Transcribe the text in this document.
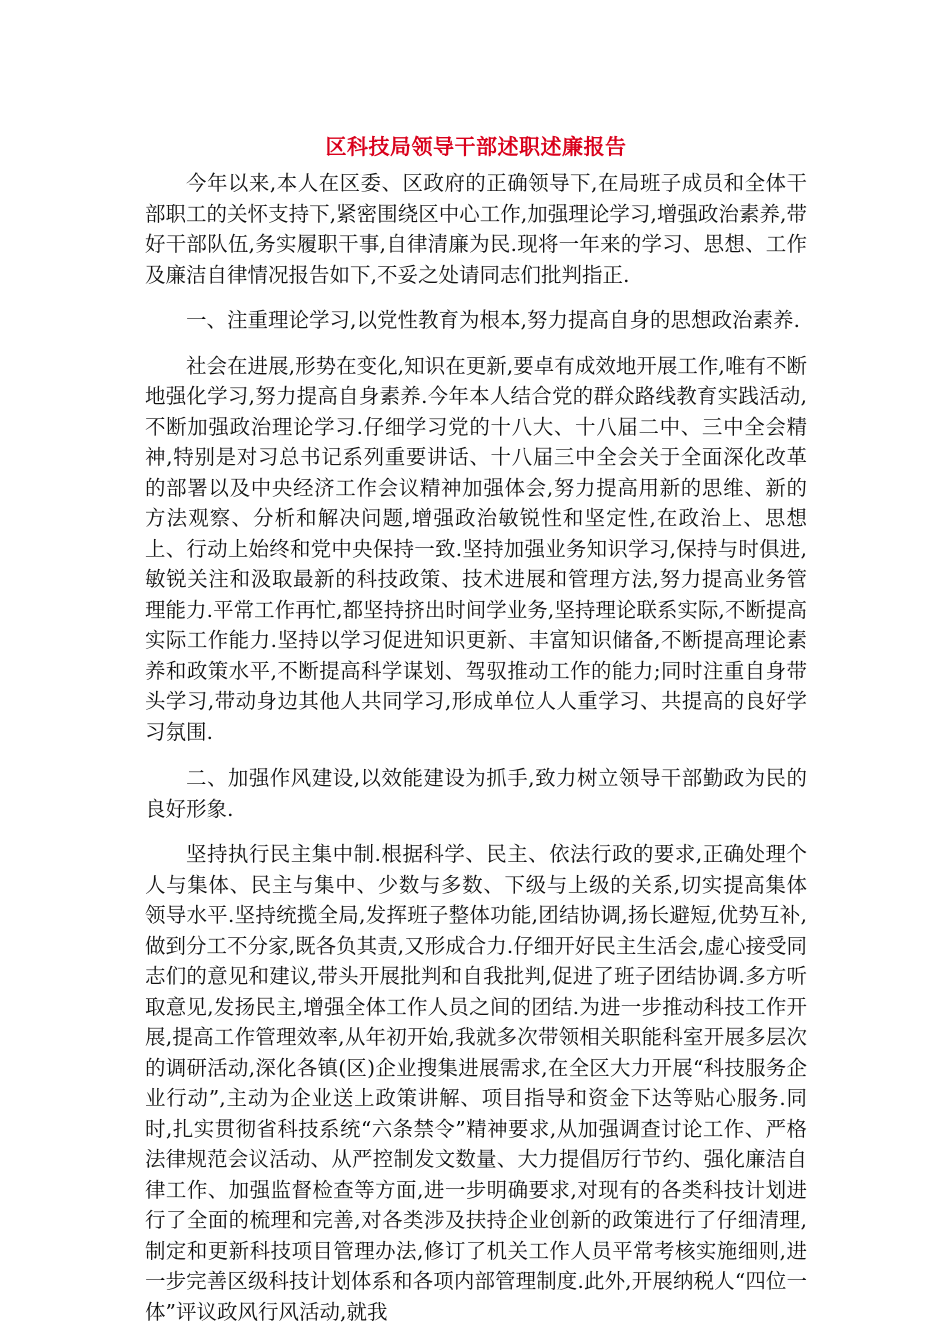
区科技局领导干部述职述廉报告

今年以来,本人在区委、区政府的正确领导下,在局班子成员和全体干部职工的关怀支持下,紧密围绕区中心工作,加强理论学习,增强政治素养,带好干部队伍,务实履职干事,自律清廉为民.现将一年来的学习、思想、工作及廉洁自律情况报告如下,不妥之处请同志们批判指正.

一、注重理论学习,以党性教育为根本,努力提高自身的思想政治素养.

社会在进展,形势在变化,知识在更新,要卓有成效地开展工作,唯有不断地强化学习,努力提高自身素养.今年本人结合党的群众路线教育实践活动,不断加强政治理论学习.仔细学习党的十八大、十八届二中、三中全会精神,特别是对习总书记系列重要讲话、十八届三中全会关于全面深化改革的部署以及中央经济工作会议精神加强体会,努力提高用新的思维、新的方法观察、分析和解决问题,增强政治敏锐性和坚定性,在政治上、思想上、行动上始终和党中央保持一致.坚持加强业务知识学习,保持与时俱进,敏锐关注和汲取最新的科技政策、技术进展和管理方法,努力提高业务管理能力.平常工作再忙,都坚持挤出时间学业务,坚持理论联系实际,不断提高实际工作能力.坚持以学习促进知识更新、丰富知识储备,不断提高理论素养和政策水平,不断提高科学谋划、驾驭推动工作的能力;同时注重自身带头学习,带动身边其他人共同学习,形成单位人人重学习、共提高的良好学习氛围.

二、加强作风建设,以效能建设为抓手,致力树立领导干部勤政为民的良好形象.

坚持执行民主集中制.根据科学、民主、依法行政的要求,正确处理个人与集体、民主与集中、少数与多数、下级与上级的关系,切实提高集体领导水平.坚持统揽全局,发挥班子整体功能,团结协调,扬长避短,优势互补,做到分工不分家,既各负其责,又形成合力.仔细开好民主生活会,虚心接受同志们的意见和建议,带头开展批判和自我批判,促进了班子团结协调.多方听取意见,发扬民主,增强全体工作人员之间的团结.为进一步推动科技工作开展,提高工作管理效率,从年初开始,我就多次带领相关职能科室开展多层次的调研活动,深化各镇(区)企业搜集进展需求,在全区大力开展“科技服务企业行动”,主动为企业送上政策讲解、项目指导和资金下达等贴心服务.同时,扎实贯彻省科技系统“六条禁令”精神要求,从加强调查讨论工作、严格法律规范会议活动、从严控制发文数量、大力提倡厉行节约、强化廉洁自律工作、加强监督检查等方面,进一步明确要求,对现有的各类科技计划进行了全面的梳理和完善,对各类涉及扶持企业创新的政策进行了仔细清理,制定和更新科技项目管理办法,修订了机关工作人员平常考核实施细则,进一步完善区级科技计划体系和各项内部管理制度.此外,开展纳税人“四位一体”评议政风行风活动,就我
